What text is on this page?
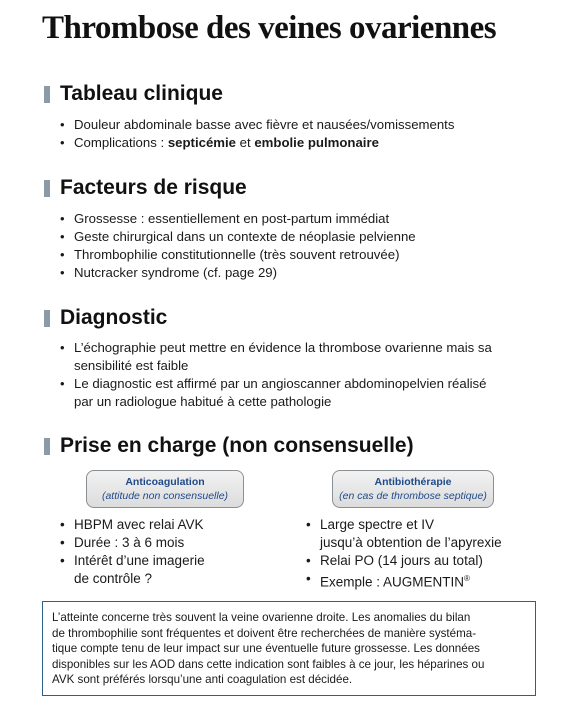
Thrombose des veines ovariennes
Tableau clinique
• Douleur abdominale basse avec fièvre et nausées/vomissements
• Complications : septicémie et embolie pulmonaire
Facteurs de risque
• Grossesse : essentiellement en post-partum immédiat
• Geste chirurgical dans un contexte de néoplasie pelvienne
• Thrombophilie constitutionnelle (très souvent retrouvée)
• Nutcracker syndrome (cf. page 29)
Diagnostic
• L’échographie peut mettre en évidence la thrombose ovarienne mais sa
sensibilité est faible
• Le diagnostic est affirmé par un angioscanner abdominopelvien réalisé
par un radiologue habitué à cette pathologie
Prise en charge (non consensuelle)
Anticoagulation
(attitude non consensuelle)
Antibiothérapie
(en cas de thrombose septique)
• HBPM avec relai AVK
• Durée : 3 à 6 mois
• Intérêt d’une imagerie
de contrôle ?
• Large spectre et IV
jusqu’à obtention de l’apyrexie
• Relai PO (14 jours au total)
• Exemple : AUGMENTIN®
L’atteinte concerne très souvent la veine ovarienne droite. Les anomalies du bilan
de thrombophilie sont fréquentes et doivent être recherchées de manière systéma-
tique compte tenu de leur impact sur une éventuelle future grossesse. Les données
disponibles sur les AOD dans cette indication sont faibles à ce jour, les héparines ou
AVK sont préférés lorsqu’une anti coagulation est décidée.
